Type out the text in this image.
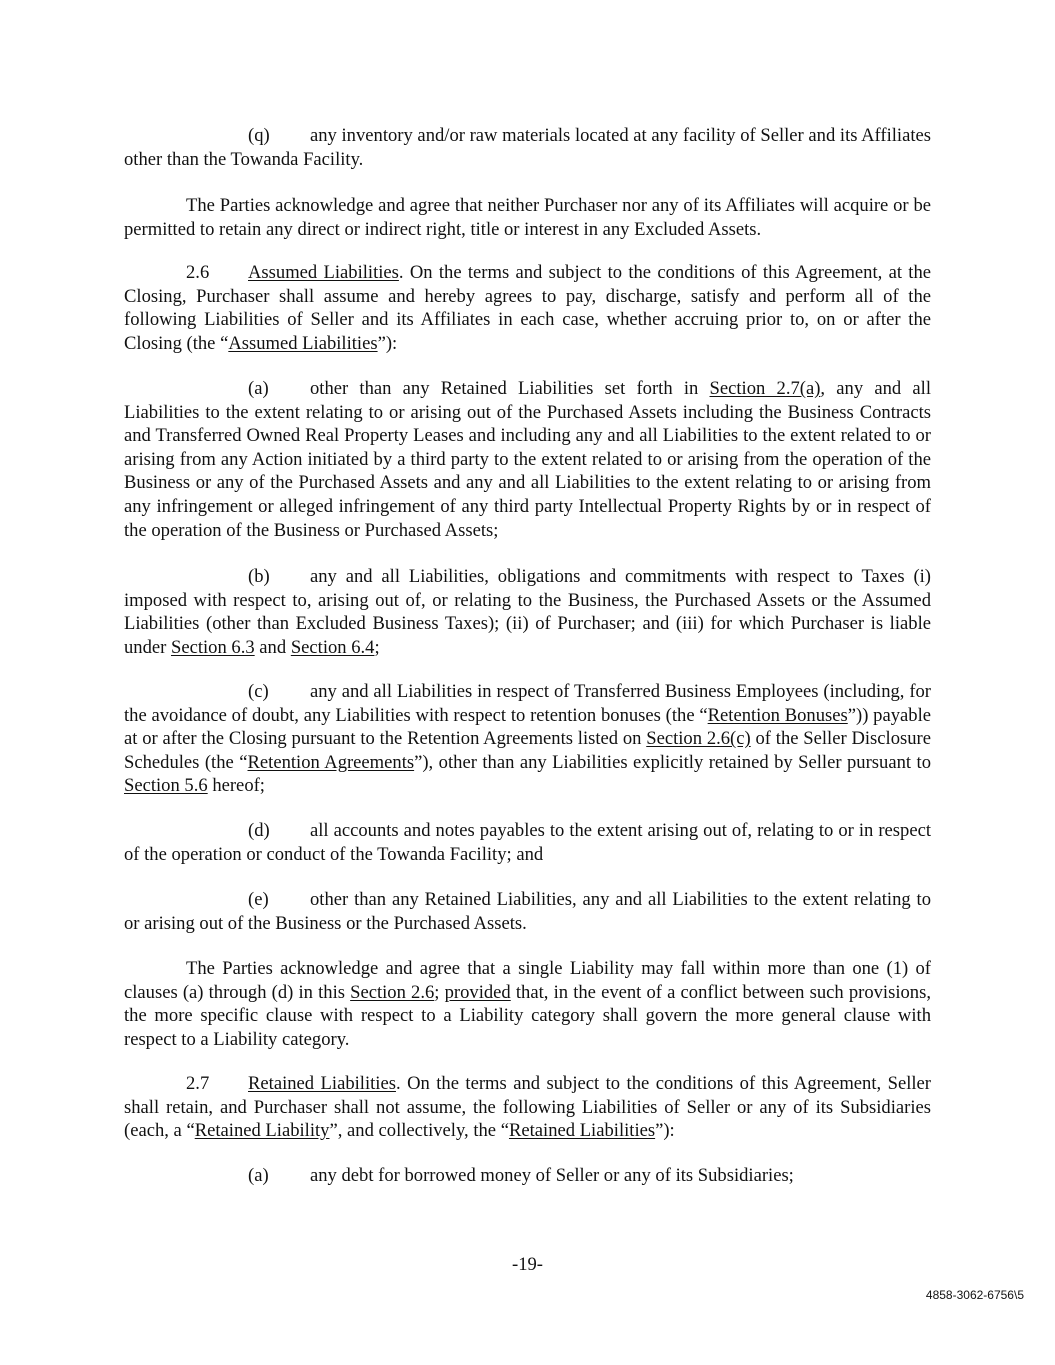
(q) any inventory and/or raw materials located at any facility of Seller and its Affiliates other than the Towanda Facility.

The Parties acknowledge and agree that neither Purchaser nor any of its Affiliates will acquire or be permitted to retain any direct or indirect right, title or interest in any Excluded Assets.

2.6 Assumed Liabilities. On the terms and subject to the conditions of this Agreement, at the Closing, Purchaser shall assume and hereby agrees to pay, discharge, satisfy and perform all of the following Liabilities of Seller and its Affiliates in each case, whether accruing prior to, on or after the Closing (the “Assumed Liabilities”):

(a) other than any Retained Liabilities set forth in Section 2.7(a), any and all Liabilities to the extent relating to or arising out of the Purchased Assets including the Business Contracts and Transferred Owned Real Property Leases and including any and all Liabilities to the extent related to or arising from any Action initiated by a third party to the extent related to or arising from the operation of the Business or any of the Purchased Assets and any and all Liabilities to the extent relating to or arising from any infringement or alleged infringement of any third party Intellectual Property Rights by or in respect of the operation of the Business or Purchased Assets;

(b) any and all Liabilities, obligations and commitments with respect to Taxes (i) imposed with respect to, arising out of, or relating to the Business, the Purchased Assets or the Assumed Liabilities (other than Excluded Business Taxes); (ii) of Purchaser; and (iii) for which Purchaser is liable under Section 6.3 and Section 6.4;

(c) any and all Liabilities in respect of Transferred Business Employees (including, for the avoidance of doubt, any Liabilities with respect to retention bonuses (the “Retention Bonuses”)) payable at or after the Closing pursuant to the Retention Agreements listed on Section 2.6(c) of the Seller Disclosure Schedules (the “Retention Agreements”), other than any Liabilities explicitly retained by Seller pursuant to Section 5.6 hereof;

(d) all accounts and notes payables to the extent arising out of, relating to or in respect of the operation or conduct of the Towanda Facility; and

(e) other than any Retained Liabilities, any and all Liabilities to the extent relating to or arising out of the Business or the Purchased Assets.

The Parties acknowledge and agree that a single Liability may fall within more than one (1) of clauses (a) through (d) in this Section 2.6; provided that, in the event of a conflict between such provisions, the more specific clause with respect to a Liability category shall govern the more general clause with respect to a Liability category.

2.7 Retained Liabilities. On the terms and subject to the conditions of this Agreement, Seller shall retain, and Purchaser shall not assume, the following Liabilities of Seller or any of its Subsidiaries (each, a “Retained Liability”, and collectively, the “Retained Liabilities”):

(a) any debt for borrowed money of Seller or any of its Subsidiaries;

-19-
4858-3062-6756\5
